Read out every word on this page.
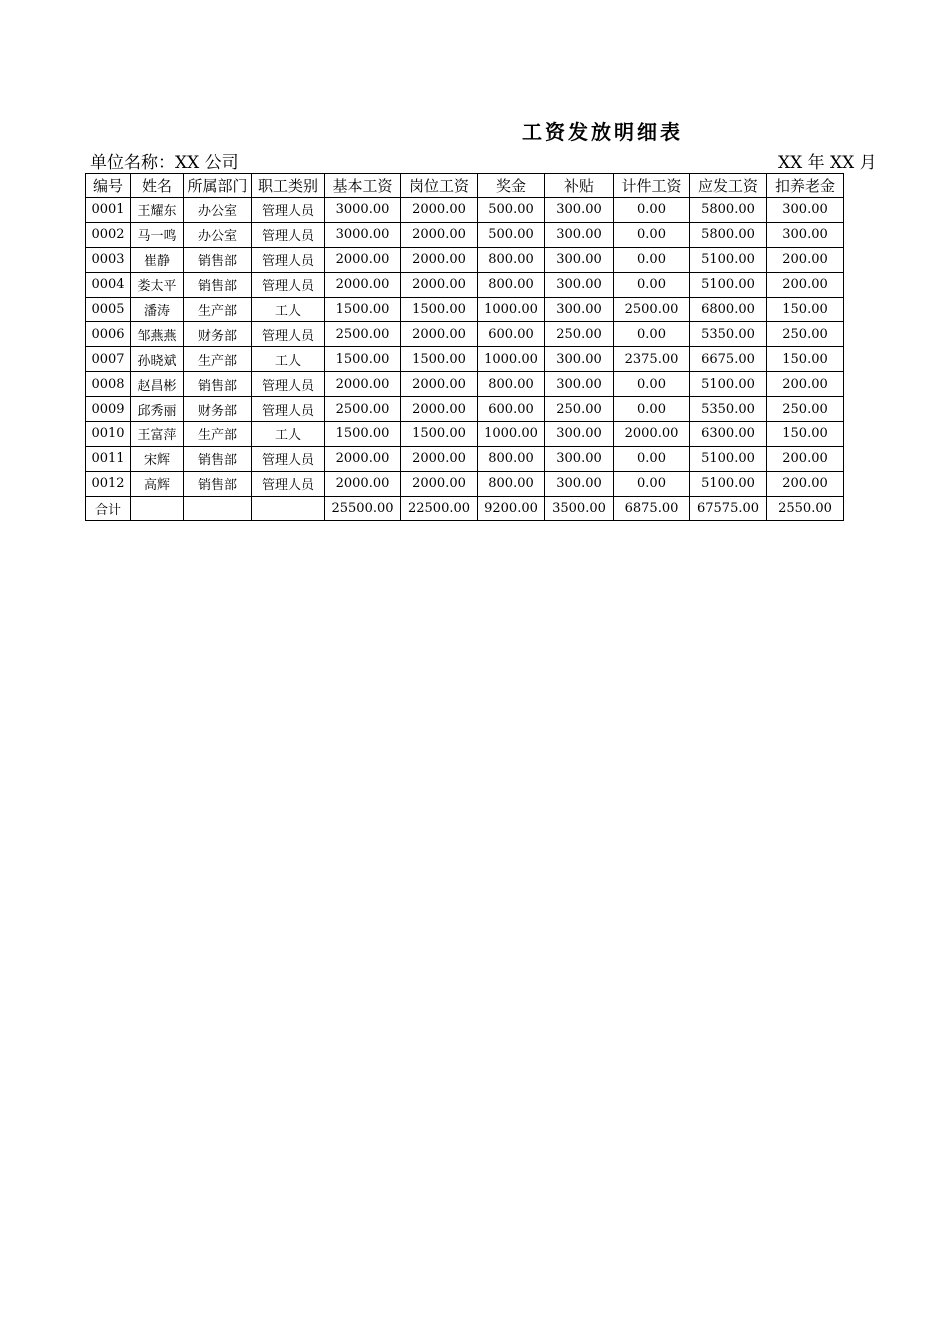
工资发放明细表
单位名称：XX 公司	XX 年 XX 月
编号	姓名	所属部门	职工类别	基本工资	岗位工资	奖金	补贴	计件工资	应发工资	扣养老金
0001	王耀东	办公室	管理人员	3000.00	2000.00	500.00	300.00	0.00	5800.00	300.00
0002	马一鸣	办公室	管理人员	3000.00	2000.00	500.00	300.00	0.00	5800.00	300.00
0003	崔静	销售部	管理人员	2000.00	2000.00	800.00	300.00	0.00	5100.00	200.00
0004	娄太平	销售部	管理人员	2000.00	2000.00	800.00	300.00	0.00	5100.00	200.00
0005	潘涛	生产部	工人	1500.00	1500.00	1000.00	300.00	2500.00	6800.00	150.00
0006	邹燕燕	财务部	管理人员	2500.00	2000.00	600.00	250.00	0.00	5350.00	250.00
0007	孙晓斌	生产部	工人	1500.00	1500.00	1000.00	300.00	2375.00	6675.00	150.00
0008	赵昌彬	销售部	管理人员	2000.00	2000.00	800.00	300.00	0.00	5100.00	200.00
0009	邱秀丽	财务部	管理人员	2500.00	2000.00	600.00	250.00	0.00	5350.00	250.00
0010	王富萍	生产部	工人	1500.00	1500.00	1000.00	300.00	2000.00	6300.00	150.00
0011	宋辉	销售部	管理人员	2000.00	2000.00	800.00	300.00	0.00	5100.00	200.00
0012	高辉	销售部	管理人员	2000.00	2000.00	800.00	300.00	0.00	5100.00	200.00
合计				25500.00	22500.00	9200.00	3500.00	6875.00	67575.00	2550.00
